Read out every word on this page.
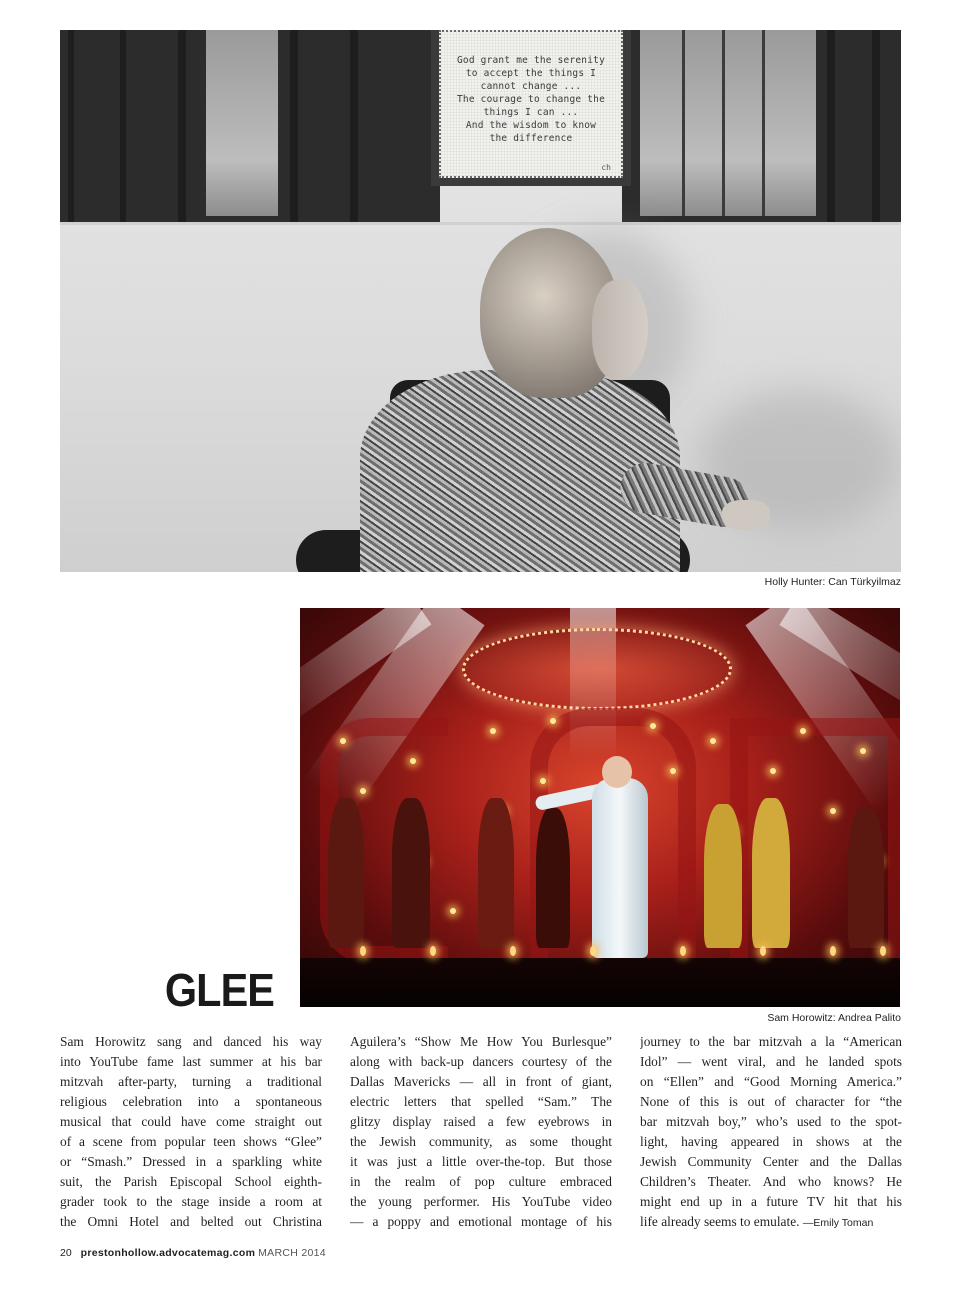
God grant me the serenity
to accept the things I
cannot change ...
The courage to change the
things I can ...
And the wisdom to know
the difference
ch
Holly Hunter: Can Türkyilmaz
Sam Horowitz: Andrea Palito
GLEE
Sam Horowitz sang and danced his way
into YouTube fame last summer at his bar
mitzvah after-party, turning a traditional
religious celebration into a spontaneous
musical that could have come straight out
of a scene from popular teen shows “Glee”
or “Smash.” Dressed in a sparkling white
suit, the Parish Episcopal School eighth-
grader took to the stage inside a room at
the Omni Hotel and belted out Christina
Aguilera’s “Show Me How You Burlesque”
along with back-up dancers courtesy of the
Dallas Mavericks — all in front of giant,
electric letters that spelled “Sam.” The
glitzy display raised a few eyebrows in
the Jewish community, as some thought
it was just a little over-the-top. But those
in the realm of pop culture embraced
the young performer. His YouTube video
— a poppy and emotional montage of his
journey to the bar mitzvah a la “American
Idol” — went viral, and he landed spots
on “Ellen” and “Good Morning America.”
None of this is out of character for “the
bar mitzvah boy,” who’s used to the spot-
light, having appeared in shows at the
Jewish Community Center and the Dallas
Children’s Theater. And who knows? He
might end up in a future TV hit that his
life already seems to emulate. —Emily Toman
20 prestonhollow.advocatemag.com MARCH 2014
